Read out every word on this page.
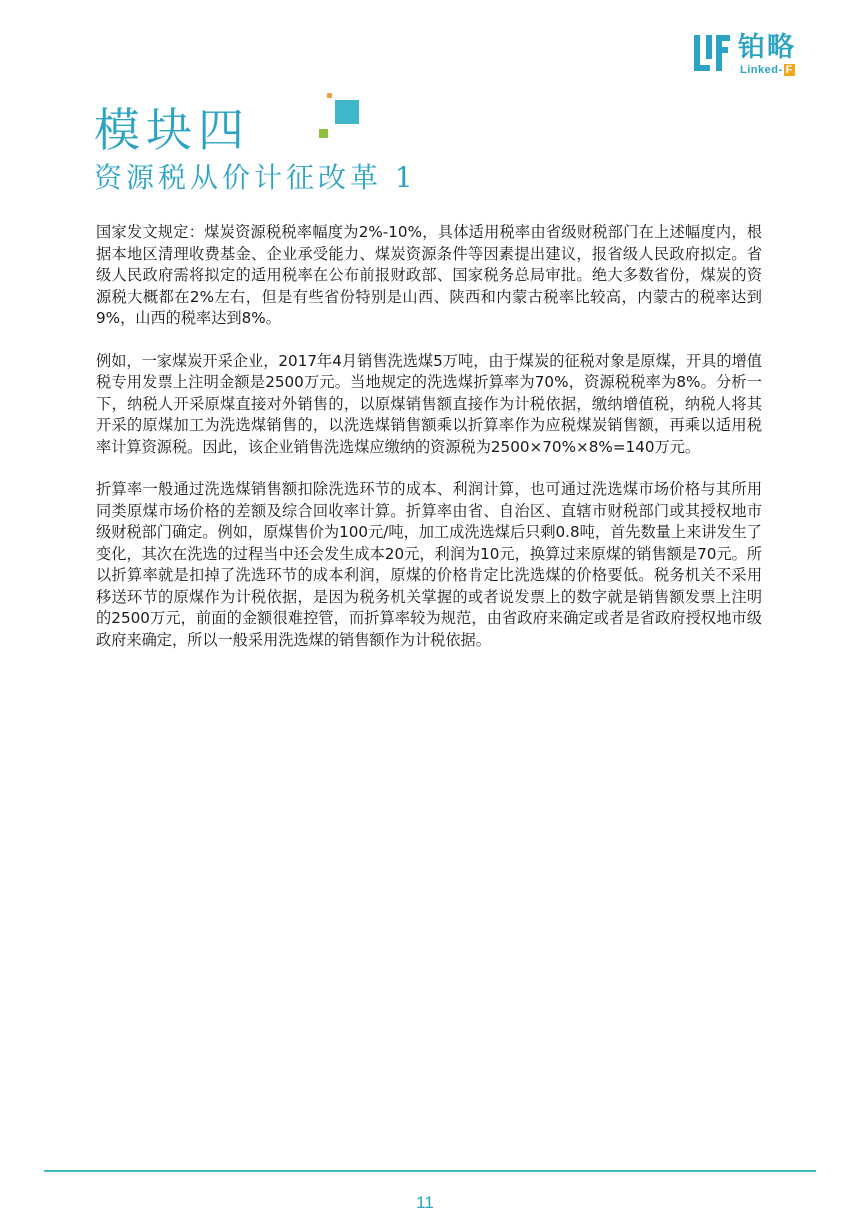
铂略
Linked- F
模块四
资源税从价计征改革 1

国家发文规定：煤炭资源税税率幅度为2%-10%，具体适用税率由省级财税部门在上述幅度内，根据本地区清理收费基金、企业承受能力、煤炭资源条件等因素提出建议，报省级人民政府拟定。省级人民政府需将拟定的适用税率在公布前报财政部、国家税务总局审批。绝大多数省份，煤炭的资源税大概都在2%左右，但是有些省份特别是山西、陕西和内蒙古税率比较高，内蒙古的税率达到9%，山西的税率达到8%。

例如，一家煤炭开采企业，2017年4月销售洗选煤5万吨，由于煤炭的征税对象是原煤，开具的增值税专用发票上注明金额是2500万元。当地规定的洗选煤折算率为70%，资源税税率为8%。分析一下，纳税人开采原煤直接对外销售的，以原煤销售额直接作为计税依据，缴纳增值税，纳税人将其开采的原煤加工为洗选煤销售的，以洗选煤销售额乘以折算率作为应税煤炭销售额，再乘以适用税率计算资源税。因此，该企业销售洗选煤应缴纳的资源税为2500×70%×8%=140万元。

折算率一般通过洗选煤销售额扣除洗选环节的成本、利润计算，也可通过洗选煤市场价格与其所用同类原煤市场价格的差额及综合回收率计算。折算率由省、自治区、直辖市财税部门或其授权地市级财税部门确定。例如，原煤售价为100元/吨，加工成洗选煤后只剩0.8吨，首先数量上来讲发生了变化，其次在洗选的过程当中还会发生成本20元，利润为10元，换算过来原煤的销售额是70元。所以折算率就是扣掉了洗选环节的成本利润，原煤的价格肯定比洗选煤的价格要低。税务机关不采用移送环节的原煤作为计税依据，是因为税务机关掌握的或者说发票上的数字就是销售额发票上注明的2500万元，前面的金额很难控管，而折算率较为规范，由省政府来确定或者是省政府授权地市级政府来确定，所以一般采用洗选煤的销售额作为计税依据。

11
